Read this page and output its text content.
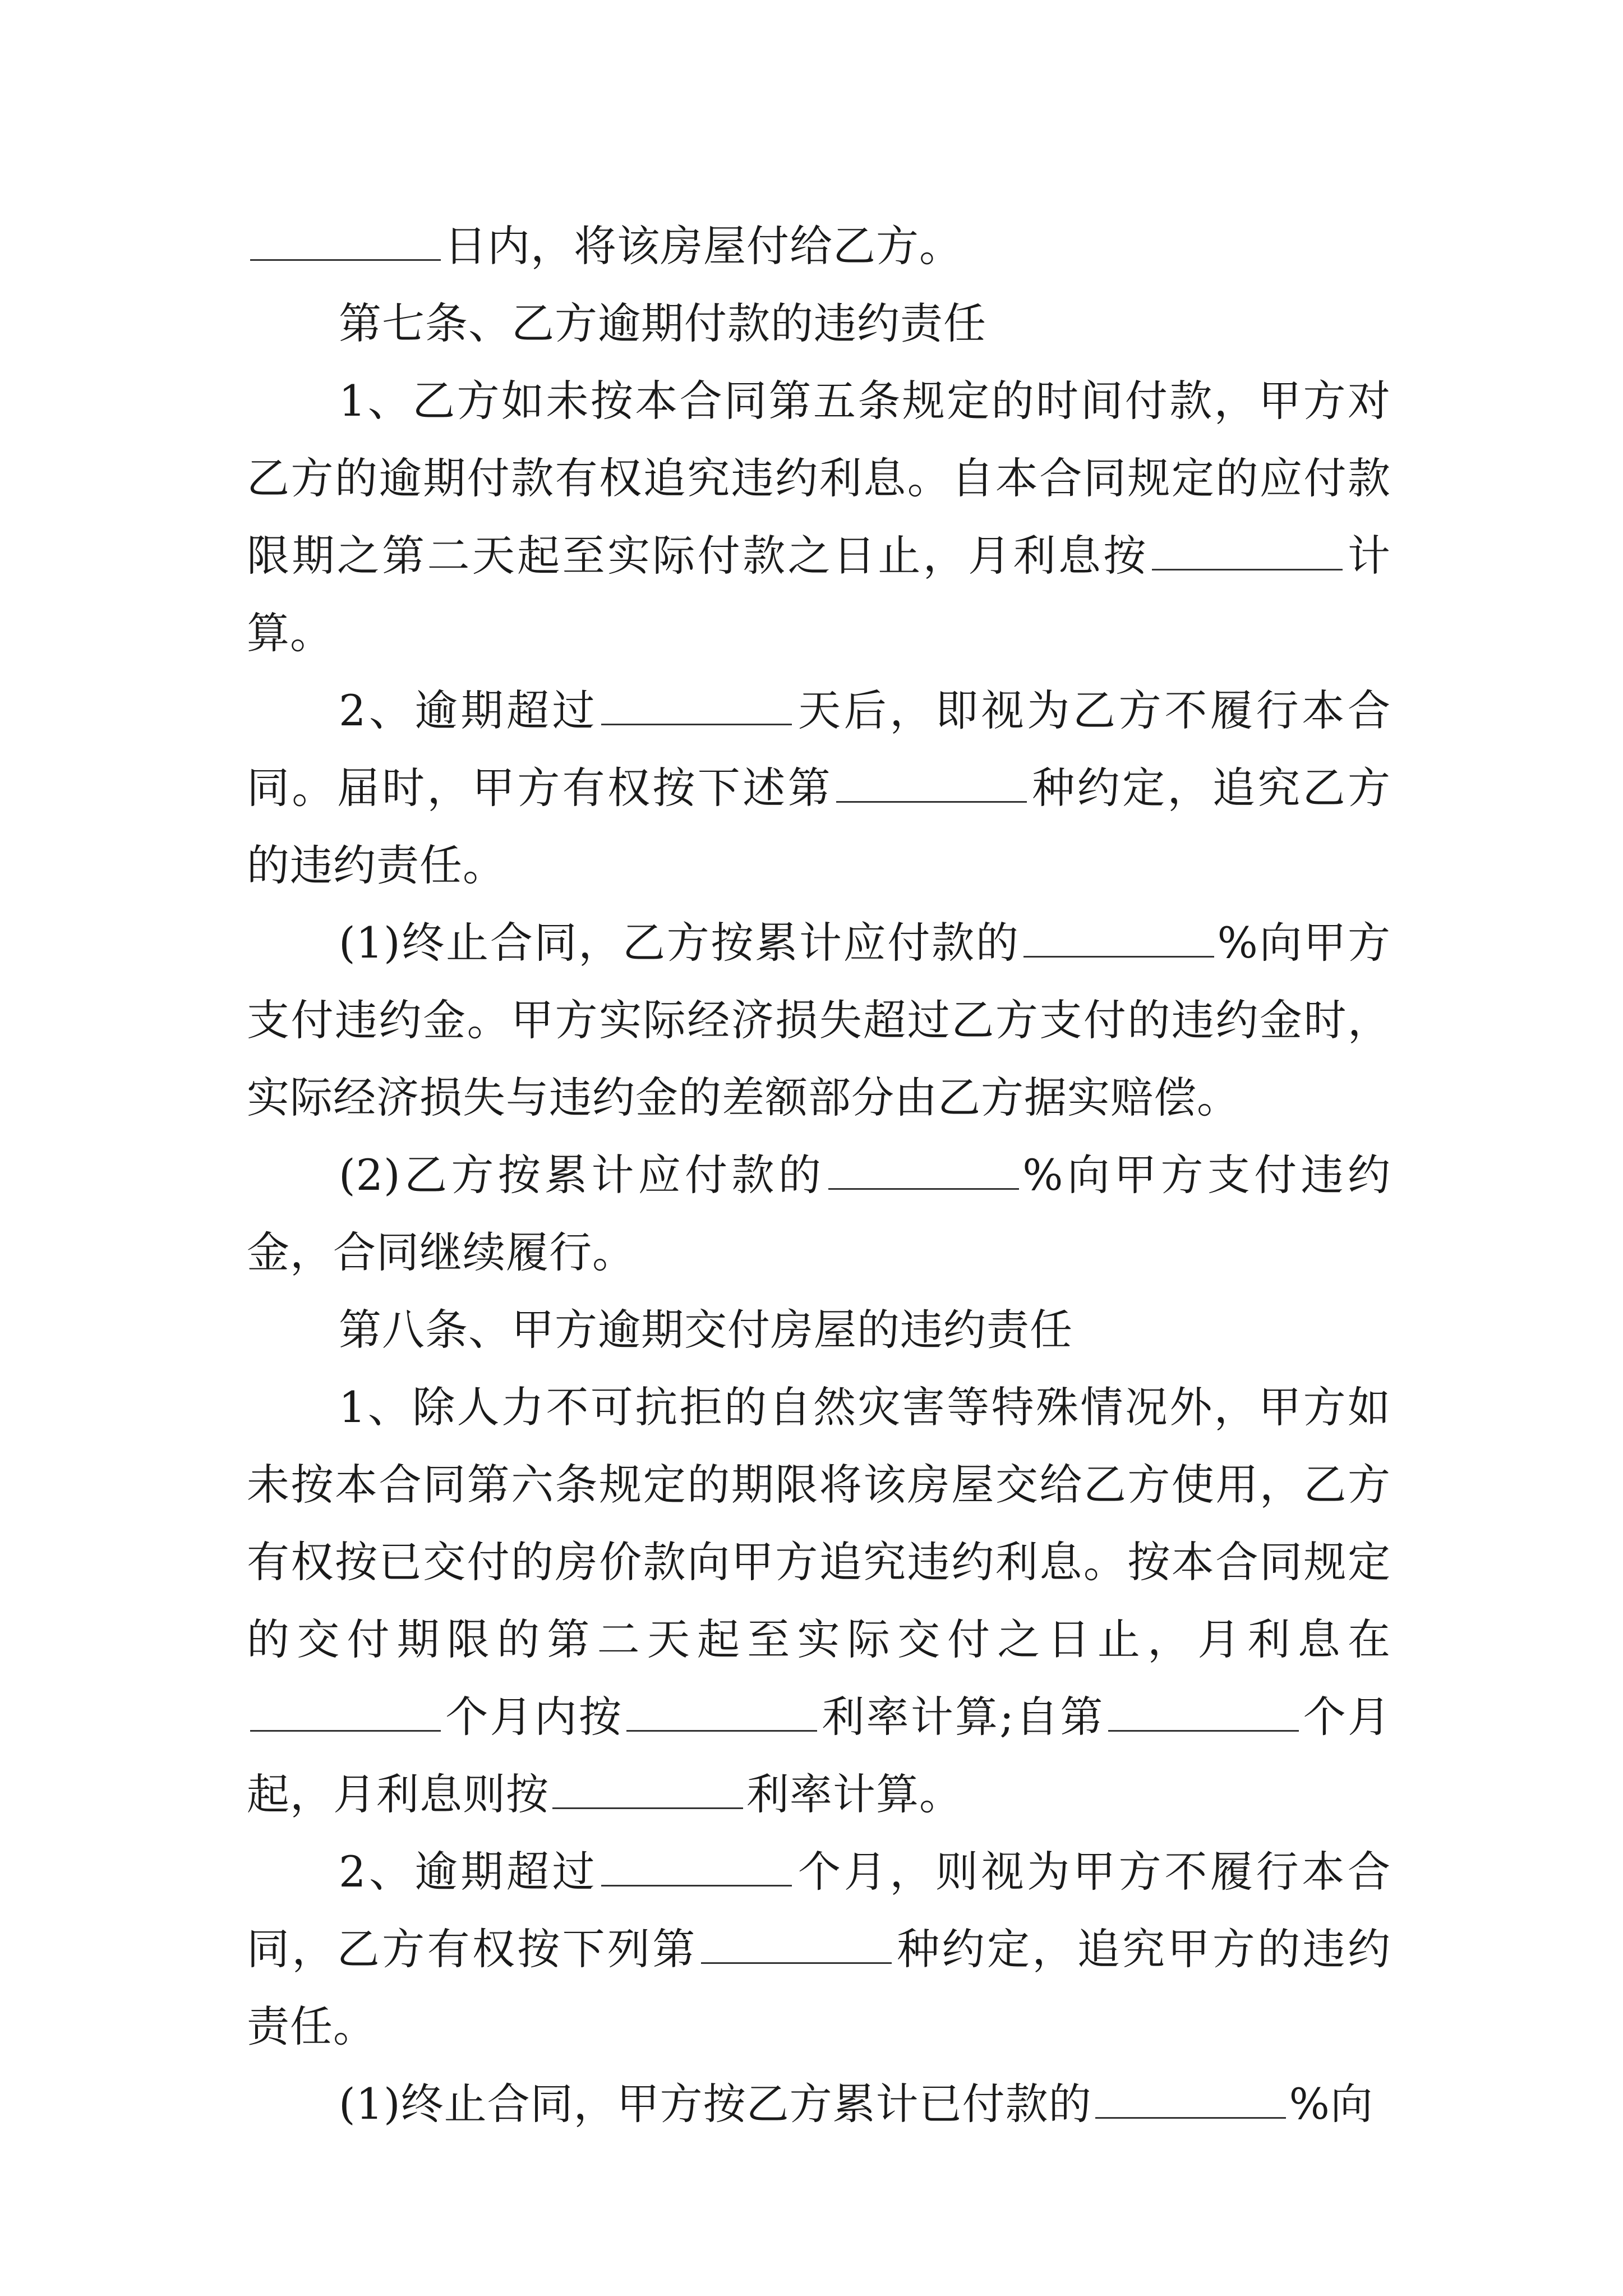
日内，将该房屋付给乙方。

第七条、乙方逾期付款的违约责任

1、乙方如未按本合同第五条规定的时间付款，甲方对乙方的逾期付款有权追究违约利息。自本合同规定的应付款限期之第二天起至实际付款之日止，月利息按	计算。

2、逾期超过	天后，即视为乙方不履行本合同。届时，甲方有权按下述第	种约定，追究乙方的违约责任。

(1)终止合同，乙方按累计应付款的	%向甲方支付违约金。甲方实际经济损失超过乙方支付的违约金时，实际经济损失与违约金的差额部分由乙方据实赔偿。

(2)乙方按累计应付款的	%向甲方支付违约金，合同继续履行。

第八条、甲方逾期交付房屋的违约责任

1、除人力不可抗拒的自然灾害等特殊情况外，甲方如未按本合同第六条规定的期限将该房屋交给乙方使用，乙方有权按已交付的房价款向甲方追究违约利息。按本合同规定的交付期限的第二天起至实际交付之日止，月利息在个月内按	利率计算;自第	个月起，月利息则按	利率计算。

2、逾期超过	个月，则视为甲方不履行本合同，乙方有权按下列第	种约定，追究甲方的违约责任。

(1)终止合同，甲方按乙方累计已付款的	%向
